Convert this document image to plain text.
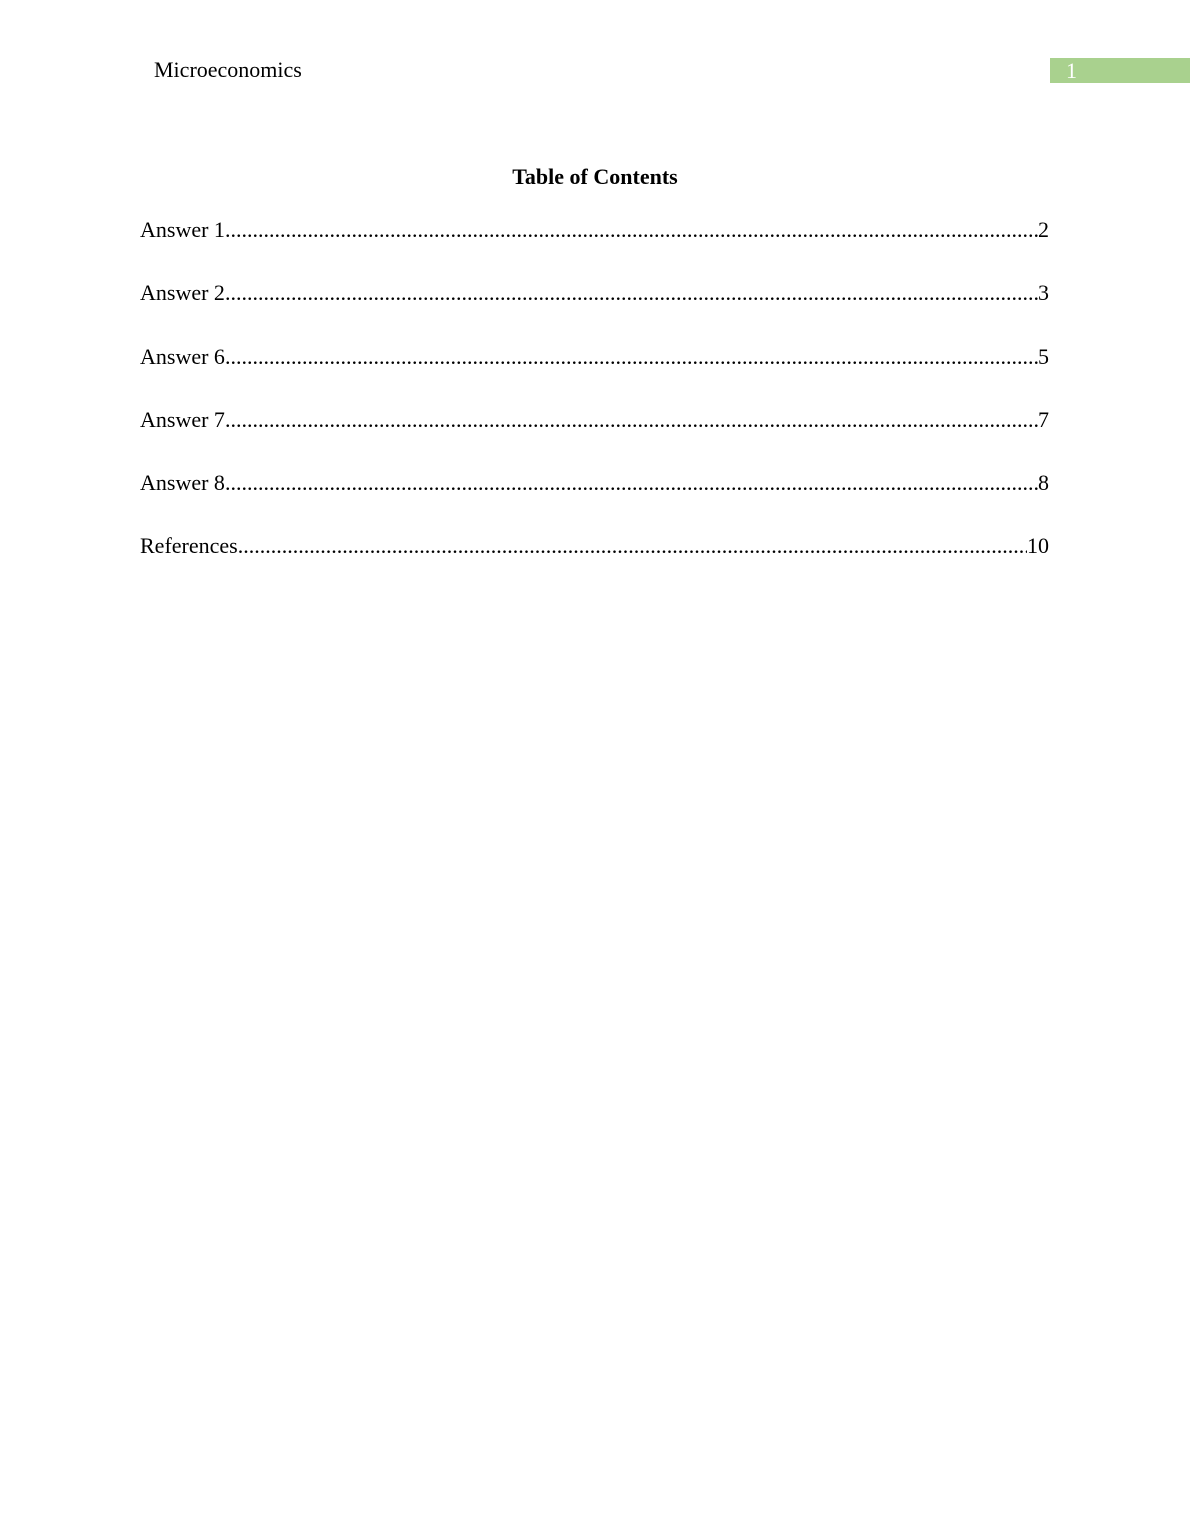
Microeconomics	1
Table of Contents
Answer 1 .....	2
Answer 2 .....	3
Answer 6 .....	5
Answer 7 .....	7
Answer 8 .....	8
References .....	10
